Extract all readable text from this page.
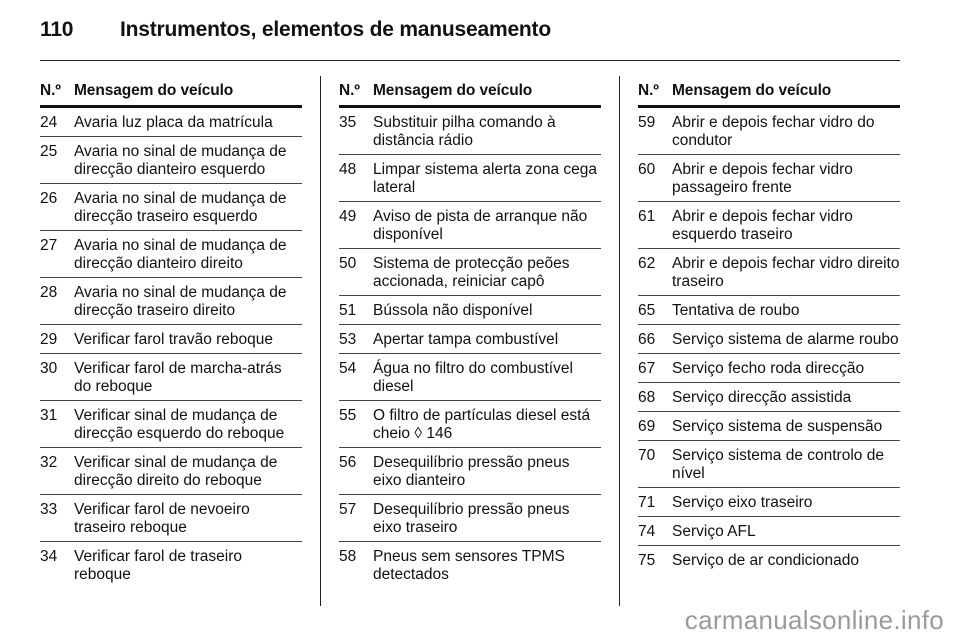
110	Instrumentos, elementos de manuseamento
N.º Mensagem do veículo
24	Avaria luz placa da matrícula
25	Avaria no sinal de mudança de direcção dianteiro esquerdo
26	Avaria no sinal de mudança de direcção traseiro esquerdo
27	Avaria no sinal de mudança de direcção dianteiro direito
28	Avaria no sinal de mudança de direcção traseiro direito
29	Verificar farol travão reboque
30	Verificar farol de marcha-atrás do reboque
31	Verificar sinal de mudança de direcção esquerdo do reboque
32	Verificar sinal de mudança de direcção direito do reboque
33	Verificar farol de nevoeiro traseiro reboque
34	Verificar farol de traseiro reboque
N.º Mensagem do veículo
35	Substituir pilha comando à distância rádio
48	Limpar sistema alerta zona cega lateral
49	Aviso de pista de arranque não disponível
50	Sistema de protecção peões accionada, reiniciar capô
51	Bússola não disponível
53	Apertar tampa combustível
54	Água no filtro do combustível diesel
55	O filtro de partículas diesel está cheio ◊ 146
56	Desequilíbrio pressão pneus eixo dianteiro
57	Desequilíbrio pressão pneus eixo traseiro
58	Pneus sem sensores TPMS detectados
N.º Mensagem do veículo
59	Abrir e depois fechar vidro do condutor
60	Abrir e depois fechar vidro passageiro frente
61	Abrir e depois fechar vidro esquerdo traseiro
62	Abrir e depois fechar vidro direito traseiro
65	Tentativa de roubo
66	Serviço sistema de alarme roubo
67	Serviço fecho roda direcção
68	Serviço direcção assistida
69	Serviço sistema de suspensão
70	Serviço sistema de controlo de nível
71	Serviço eixo traseiro
74	Serviço AFL
75	Serviço de ar condicionado
carmanualsonline.info
